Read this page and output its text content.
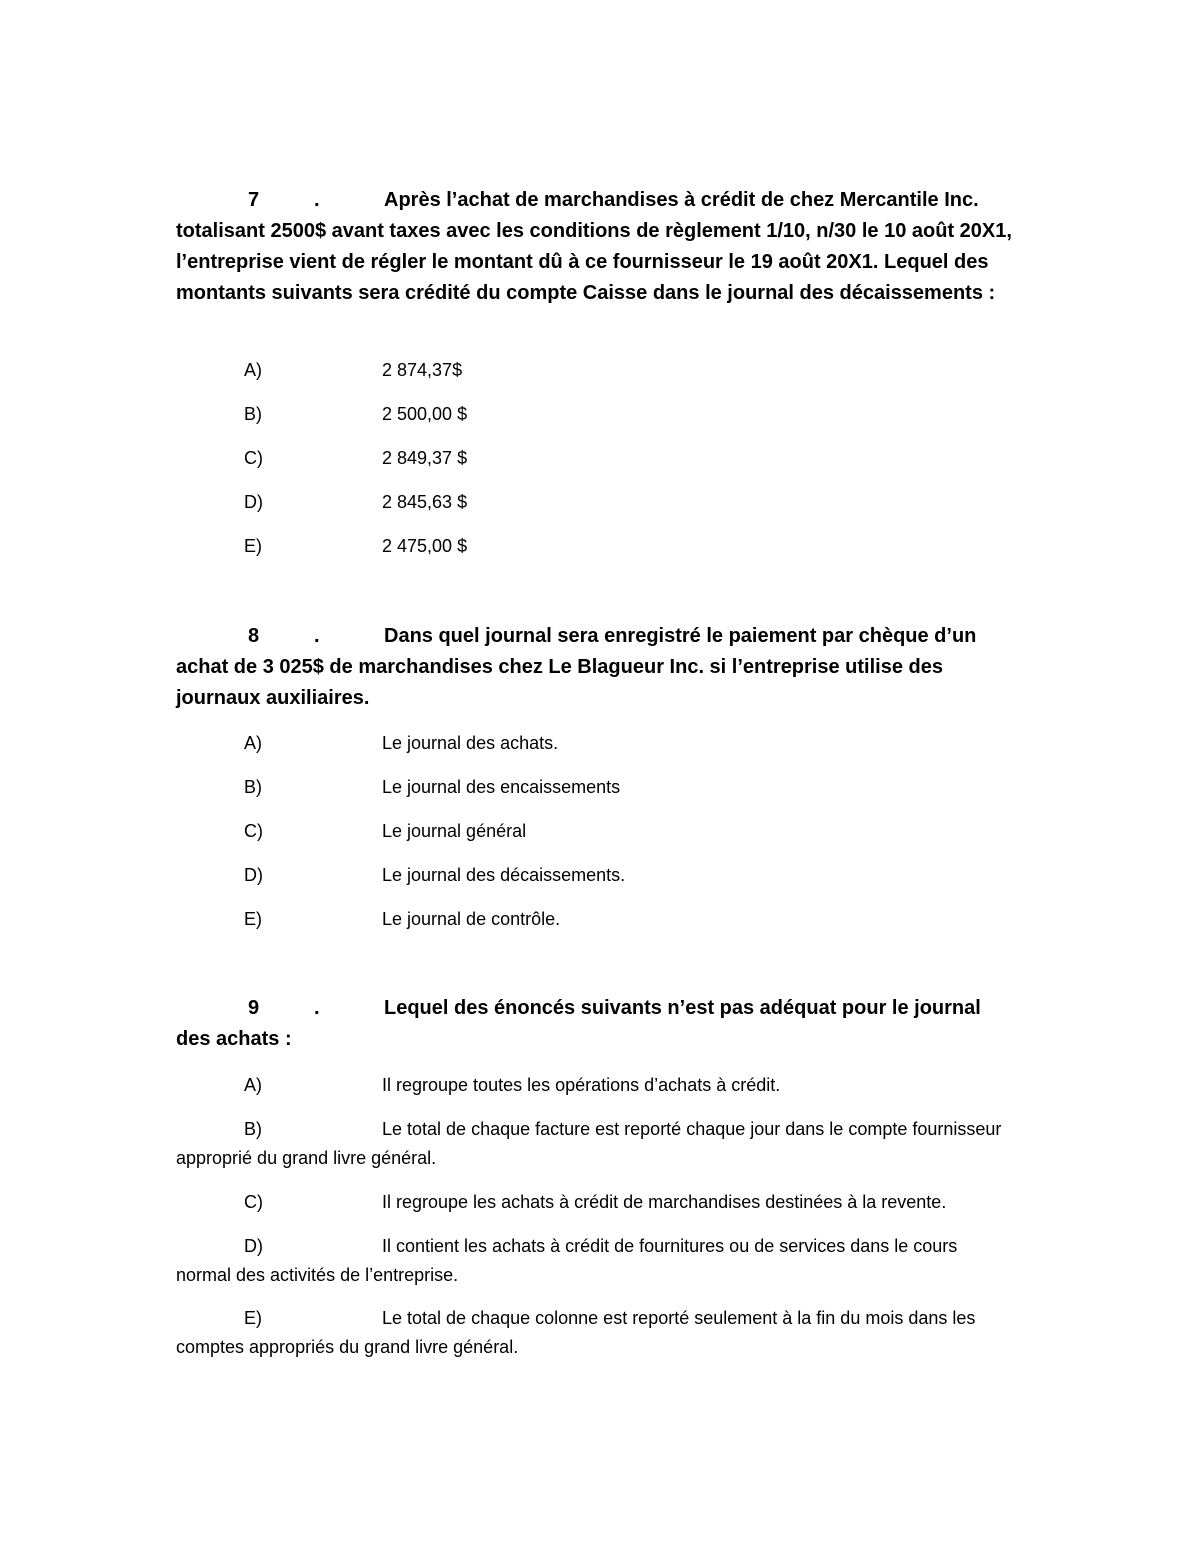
7	.	Après l’achat de marchandises à crédit de chez Mercantile Inc. totalisant 2500$ avant taxes avec les conditions de règlement 1/10, n/30 le 10 août 20X1, l’entreprise vient de régler le montant dû à ce fournisseur le 19 août 20X1. Lequel des montants suivants sera crédité du compte Caisse dans le journal des décaissements :
A)	2 874,37$
B)	2 500,00 $
C)	2 849,37 $
D)	2 845,63 $
E)	2 475,00 $
8	.	Dans quel journal sera enregistré le paiement par chèque d’un achat de 3 025$ de marchandises chez Le Blagueur Inc. si l’entreprise utilise des journaux auxiliaires.
A)	Le journal des achats.
B)	Le journal des encaissements
C)	Le journal général
D)	Le journal des décaissements.
E)	Le journal de contrôle.
9	.	Lequel des énoncés suivants n’est pas adéquat pour le journal des achats :
A)	Il regroupe toutes les opérations d’achats à crédit.
B)	Le total de chaque facture est reporté chaque jour dans le compte fournisseur approprié du grand livre général.
C)	Il regroupe les achats à crédit de marchandises destinées à la revente.
D)	Il contient les achats à crédit de fournitures ou de services dans le cours normal des activités de l’entreprise.
E)	Le total de chaque colonne est reporté seulement à la fin du mois dans les comptes appropriés du grand livre général.
